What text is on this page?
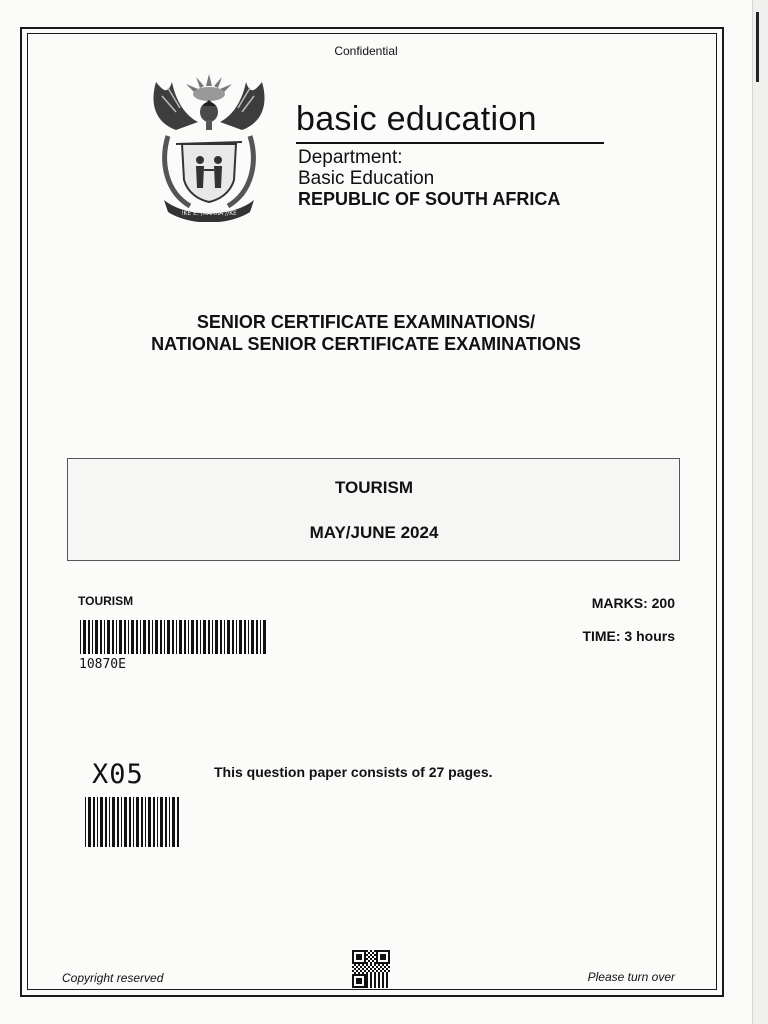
Confidential
!KE E: /XARRA //KE
basic education
Department:
Basic Education
REPUBLIC OF SOUTH AFRICA
SENIOR CERTIFICATE EXAMINATIONS/
NATIONAL SENIOR CERTIFICATE EXAMINATIONS
TOURISM
MAY/JUNE 2024
TOURISM
10870E
MARKS: 200
TIME: 3 hours
X05	This question paper consists of 27 pages.
Copyright reserved	Please turn over
